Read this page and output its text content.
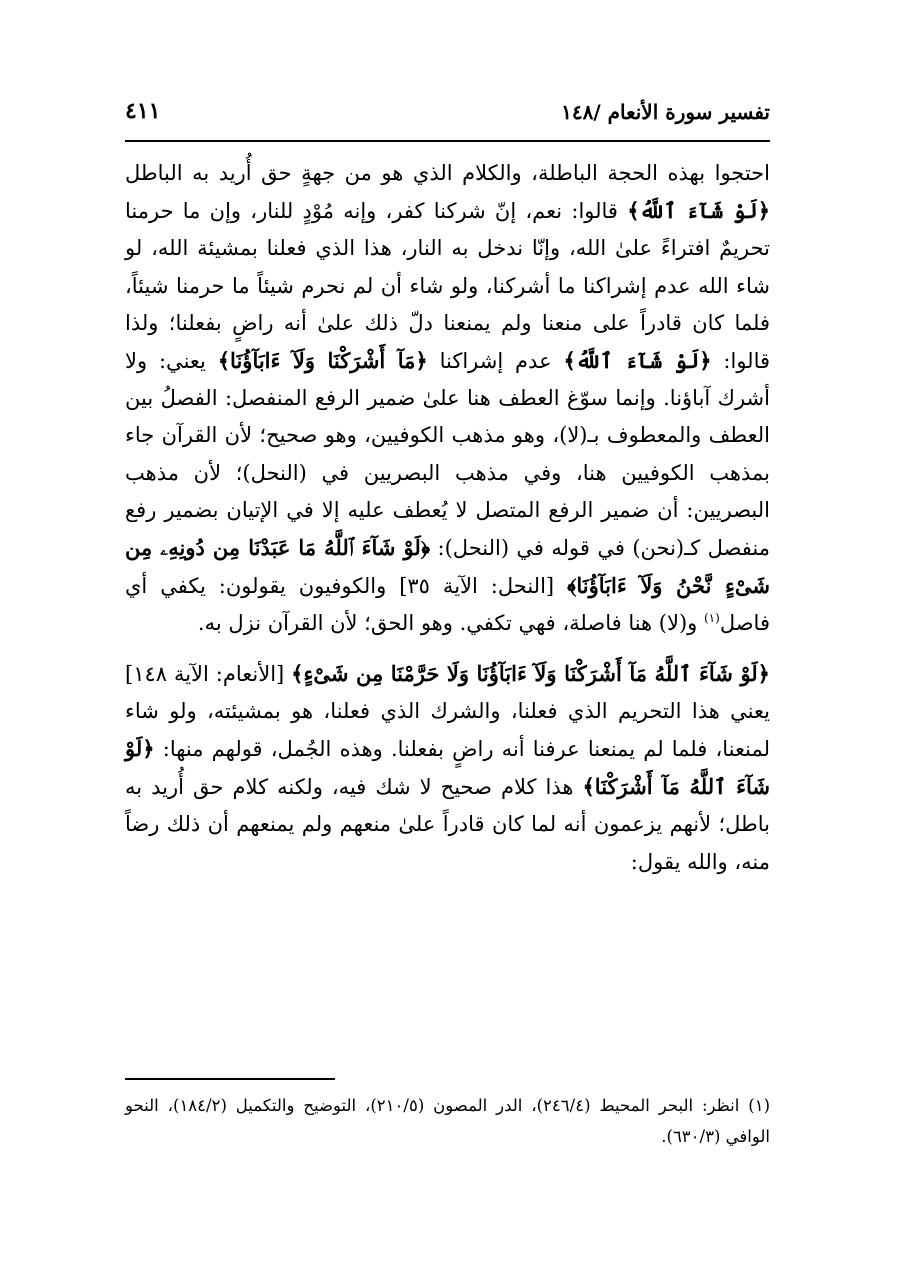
تفسير سورة الأنعام /١٤٨
٤١١

احتجوا بهذه الحجة الباطلة، والكلام الذي هو من جهةٍ حق أُريد به الباطل ﴿لَوْ شَآءَ ٱللَّهُ﴾ قالوا: نعم، إنّ شركنا كفر، وإنه مُوْدٍ للنار، وإن ما حرمنا تحريمٌ افتراءً علىٰ الله، وإنّا ندخل به النار، هذا الذي فعلنا بمشيئة الله، لو شاء الله عدم إشراكنا ما أشركنا، ولو شاء أن لم نحرم شيئاً ما حرمنا شيئاً، فلما كان قادراً على منعنا ولم يمنعنا دلّ ذلك علىٰ أنه راضٍ بفعلنا؛ ولذا قالوا: ﴿لَوْ شَآءَ ٱللَّهُ﴾ عدم إشراكنا ﴿مَآ أَشْرَكْنَا وَلَآ ءَابَآؤُنَا﴾ يعني: ولا أشرك آباؤنا. وإنما سوّغ العطف هنا علىٰ ضمير الرفع المنفصل: الفصلُ بين العطف والمعطوف بـ(لا)، وهو مذهب الكوفيين، وهو صحيح؛ لأن القرآن جاء بمذهب الكوفيين هنا، وفي مذهب البصريين في (النحل)؛ لأن مذهب البصريين: أن ضمير الرفع المتصل لا يُعطف عليه إلا في الإتيان بضمير رفع منفصل كـ(نحن) في قوله في (النحل): ﴿لَوْ شَآءَ ٱللَّهُ مَا عَبَدْنَا مِن دُونِهِۦ مِن شَىْءٍ نَّحْنُ وَلَآ ءَابَآؤُنَا﴾ [النحل: الآية ٣٥] والكوفيون يقولون: يكفي أي فاصل$^{(١)}$ و(لا) هنا فاصلة، فهي تكفي. وهو الحق؛ لأن القرآن نزل به.

﴿لَوْ شَآءَ ٱللَّهُ مَآ أَشْرَكْنَا وَلَآ ءَابَآؤُنَا وَلَا حَرَّمْنَا مِن شَىْءٍ﴾ [الأنعام: الآية ١٤٨] يعني هذا التحريم الذي فعلنا، والشرك الذي فعلنا، هو بمشيئته، ولو شاء لمنعنا، فلما لم يمنعنا عرفنا أنه راضٍ بفعلنا. وهذه الجُمل، قولهم منها: ﴿لَوْ شَآءَ ٱللَّهُ مَآ أَشْرَكْنَا﴾ هذا كلام صحيح لا شك فيه، ولكنه كلام حق أُريد به باطل؛ لأنهم يزعمون أنه لما كان قادراً علىٰ منعهم ولم يمنعهم أن ذلك رضاً منه، والله يقول:

(١) انظر: البحر المحيط (٢٤٦/٤)، الدر المصون (٢١٠/٥)، التوضيح والتكميل (١٨٤/٢)، النحو الوافي (٦٣٠/٣).
